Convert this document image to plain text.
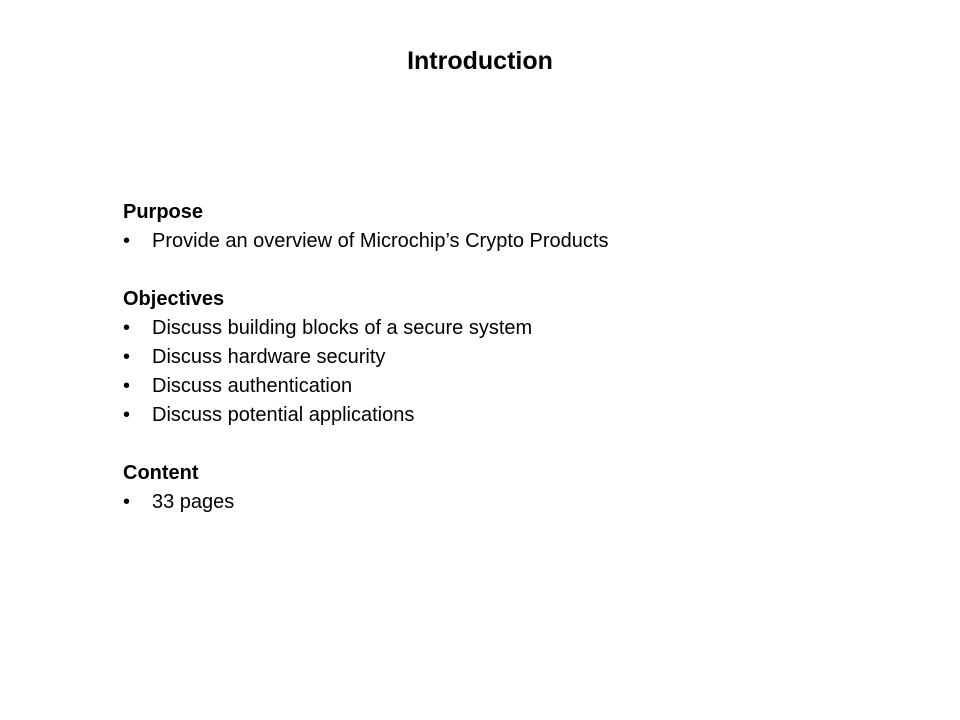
Introduction
Purpose
• Provide an overview of Microchip’s Crypto Products
Objectives
• Discuss building blocks of a secure system
• Discuss hardware security
• Discuss authentication
• Discuss potential applications
Content
• 33 pages
